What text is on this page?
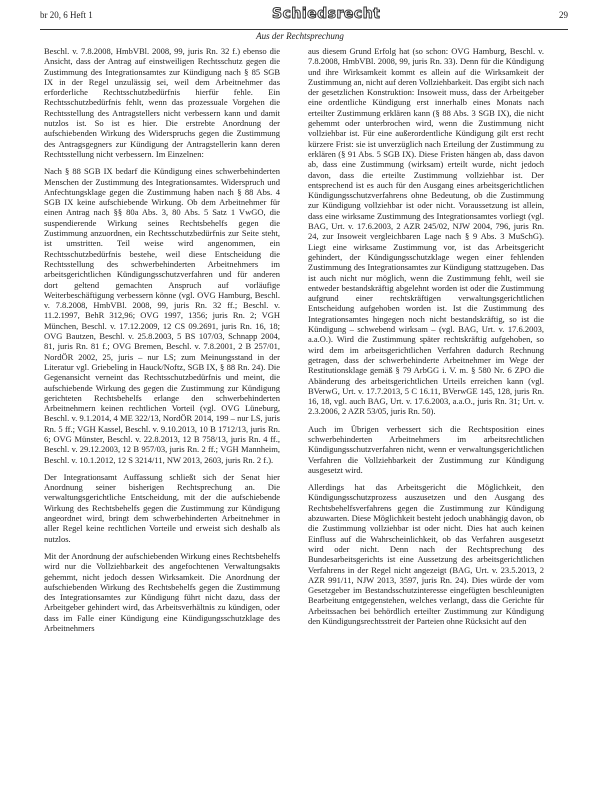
br 20, 6 Heft 1	Schiedsrecht	29
Aus der Rechtsprechung

Beschl. v. 7.8.2008, HmbVBl. 2008, 99, juris Rn. 32 f.) ebenso die Ansicht, dass der Antrag auf einstweiligen Rechtsschutz gegen die Zustimmung des Integrationsamtes zur Kündigung nach § 85 SGB IX in der Regel unzulässig sei, weil dem Arbeitnehmer das erforderliche Rechtsschutzbedürfnis hierfür fehle. Ein Rechtsschutzbedürfnis fehlt, wenn das prozessuale Vorgehen die Rechtsstellung des Antragstellers nicht verbessern kann und damit nutzlos ist. So ist es hier. Die erstrebte Anordnung der aufschiebenden Wirkung des Widerspruchs gegen die Zustimmung des Antragsgegners zur Kündigung der Antragstellerin kann deren Rechtsstellung nicht verbessern. Im Einzelnen:

Nach § 88 SGB IX bedarf die Kündigung eines schwerbehinderten Menschen der Zustimmung des Integrationsamtes. Widerspruch und Anfechtungsklage gegen die Zustimmung haben nach § 88 Abs. 4 SGB IX keine aufschiebende Wirkung. Ob dem Arbeitnehmer für einen Antrag nach §§ 80a Abs. 3, 80 Abs. 5 Satz 1 VwGO, die suspendierende Wirkung seines Rechtsbehelfs gegen die Zustimmung anzuordnen, ein Rechtsschutzbedürfnis zur Seite steht, ist umstritten. Teil weise wird angenommen, ein Rechtsschutzbedürfnis bestehe, weil diese Entscheidung die Rechtsstellung des schwerbehinderten Arbeitnehmers im arbeitsgerichtlichen Kündigungsschutzverfahren und für anderen dort geltend gemachten Anspruch auf vorläufige Weiterbeschäftigung verbessern könne (vgl. OVG Hamburg, Beschl. v. 7.8.2008, HmbVBl. 2008, 99, juris Rn. 32 ff.; Beschl. v. 11.2.1997, BehR 312,96; OVG 1997, 1356; juris Rn. 2; VGH München, Beschl. v. 17.12.2009, 12 CS 09.2691, juris Rn. 16, 18; OVG Bautzen, Beschl. v. 25.8.2003, 5 BS 107/03, Schnapp 2004, 81, juris Rn. 81 f.; OVG Bremen, Beschl. v. 7.8.2001, 2 B 257/01, NordÖR 2002, 25, juris – nur LS; zum Meinungsstand in der Literatur vgl. Griebeling in Hauck/Noftz, SGB IX, § 88 Rn. 24). Die Gegenansicht verneint das Rechtsschutzbedürfnis und meint, die aufschiebende Wirkung des gegen die Zustimmung zur Kündigung gerichteten Rechtsbehelfs erlange den schwerbehinderten Arbeitnehmern keinen rechtlichen Vorteil (vgl. OVG Lüneburg, Beschl. v. 9.1.2014, 4 ME 322/13, NordÖR 2014, 199 – nur LS, juris Rn. 5 ff.; VGH Kassel, Beschl. v. 9.10.2013, 10 B 1712/13, juris Rn. 6; OVG Münster, Beschl. v. 22.8.2013, 12 B 758/13, juris Rn. 4 ff., Beschl. v. 29.12.2003, 12 B 957/03, juris Rn. 2 ff.; VGH Mannheim, Beschl. v. 10.1.2012, 12 S 3214/11, NW 2013, 2603, juris Rn. 2 f.).

Der Integrationsamt Auffassung schließt sich der Senat hier Anordnung seiner bisherigen Rechtsprechung an. Die verwaltungsgerichtliche Entscheidung, mit der die aufschiebende Wirkung des Rechtsbehelfs gegen die Zustimmung zur Kündigung angeordnet wird, bringt dem schwerbehinderten Arbeitnehmer in aller Regel keine rechtlichen Vorteile und erweist sich deshalb als nutzlos.

Mit der Anordnung der aufschiebenden Wirkung eines Rechtsbehelfs wird nur die Vollziehbarkeit des angefochtenen Verwaltungsakts gehemmt, nicht jedoch dessen Wirksamkeit. Die Anordnung der aufschiebenden Wirkung des Rechtsbehelfs gegen die Zustimmung des Integrationsamtes zur Kündigung führt nicht dazu, dass der Arbeitgeber gehindert wird, das Arbeitsverhältnis zu kündigen, oder dass im Falle einer Kündigung eine Kündigungsschutzklage des Arbeitnehmers

aus diesem Grund Erfolg hat (so schon: OVG Hamburg, Beschl. v. 7.8.2008, HmbVBl. 2008, 99, juris Rn. 33). Denn für die Kündigung und ihre Wirksamkeit kommt es allein auf die Wirksamkeit der Zustimmung an, nicht auf deren Vollziehbarkeit. Das ergibt sich nach der gesetzlichen Konstruktion: Insoweit muss, dass der Arbeitgeber eine ordentliche Kündigung erst innerhalb eines Monats nach erteilter Zustimmung erklären kann (§ 88 Abs. 3 SGB IX), die nicht gehemmt oder unterbrochen wird, wenn die Zustimmung nicht vollziehbar ist. Für eine außerordentliche Kündigung gilt erst recht kürzere Frist: sie ist unverzüglich nach Erteilung der Zustimmung zu erklären (§ 91 Abs. 5 SGB IX). Diese Fristen hängen ab, dass davon ab, dass eine Zustimmung (wirksam) erteilt wurde, nicht jedoch davon, dass die erteilte Zustimmung vollziehbar ist. Der entsprechend ist es auch für den Ausgang eines arbeitsgerichtlichen Kündigungsschutzverfahrens ohne Bedeutung, ob die Zustimmung zur Kündigung vollziehbar ist oder nicht. Voraussetzung ist allein, dass eine wirksame Zustimmung des Integrationsamtes vorliegt (vgl. BAG, Urt. v. 17.6.2003, 2 AZR 245/02, NJW 2004, 796, juris Rn. 24, zur Insoweit vergleichbaren Lage nach § 9 Abs. 3 MuSchG). Liegt eine wirksame Zustimmung vor, ist das Arbeitsgericht gehindert, der Kündigungsschutzklage wegen einer fehlenden Zustimmung des Integrationsamtes zur Kündigung stattzugeben. Das ist auch nicht nur möglich, wenn die Zustimmung fehlt, weil sie entweder bestandskräftig abgelehnt worden ist oder die Zustimmung aufgrund einer rechtskräftigen verwaltungsgerichtlichen Entscheidung aufgehoben worden ist. Ist die Zustimmung des Integrationsamtes hingegen noch nicht bestandskräftig, so ist die Kündigung – schwebend wirksam – (vgl. BAG, Urt. v. 17.6.2003, a.a.O.). Wird die Zustimmung später rechtskräftig aufgehoben, so wird dem im arbeitsgerichtlichen Verfahren dadurch Rechnung getragen, dass der schwerbehinderte Arbeitnehmer im Wege der Restitutionsklage gemäß § 79 ArbGG i. V. m. § 580 Nr. 6 ZPO die Abänderung des arbeitsgerichtlichen Urteils erreichen kann (vgl. BVerwG, Urt. v. 17.7.2013, 5 C 16.11, BVerwGE 145, 128, juris Rn. 16, 18, vgl. auch BAG, Urt. v. 17.6.2003, a.a.O., juris Rn. 31; Urt. v. 2.3.2006, 2 AZR 53/05, juris Rn. 50).

Auch im Übrigen verbessert sich die Rechtsposition eines schwerbehinderten Arbeitnehmers im arbeitsrechtlichen Kündigungsschutzverfahren nicht, wenn er verwaltungsgerichtlichen Verfahren die Vollziehbarkeit der Zustimmung zur Kündigung ausgesetzt wird.

Allerdings hat das Arbeitsgericht die Möglichkeit, den Kündigungsschutzprozess auszusetzen und den Ausgang des Rechtsbehelfsverfahrens gegen die Zustimmung zur Kündigung abzuwarten. Diese Möglichkeit besteht jedoch unabhängig davon, ob die Zustimmung vollziehbar ist oder nicht. Dies hat auch keinen Einfluss auf die Wahrscheinlichkeit, ob das Verfahren ausgesetzt wird oder nicht. Denn nach der Rechtsprechung des Bundesarbeitsgerichts ist eine Aussetzung des arbeitsgerichtlichen Verfahrens in der Regel nicht angezeigt (BAG, Urt. v. 23.5.2013, 2 AZR 991/11, NJW 2013, 3597, juris Rn. 24). Dies würde der vom Gesetzgeber im Bestandsschutzinteresse eingefügten beschleunigten Bearbeitung entgegenstehen, welches verlangt, dass die Gerichte für Arbeitssachen bei behördlich erteilter Zustimmung zur Kündigung den Kündigungsrechtsstreit der Parteien ohne Rücksicht auf den
